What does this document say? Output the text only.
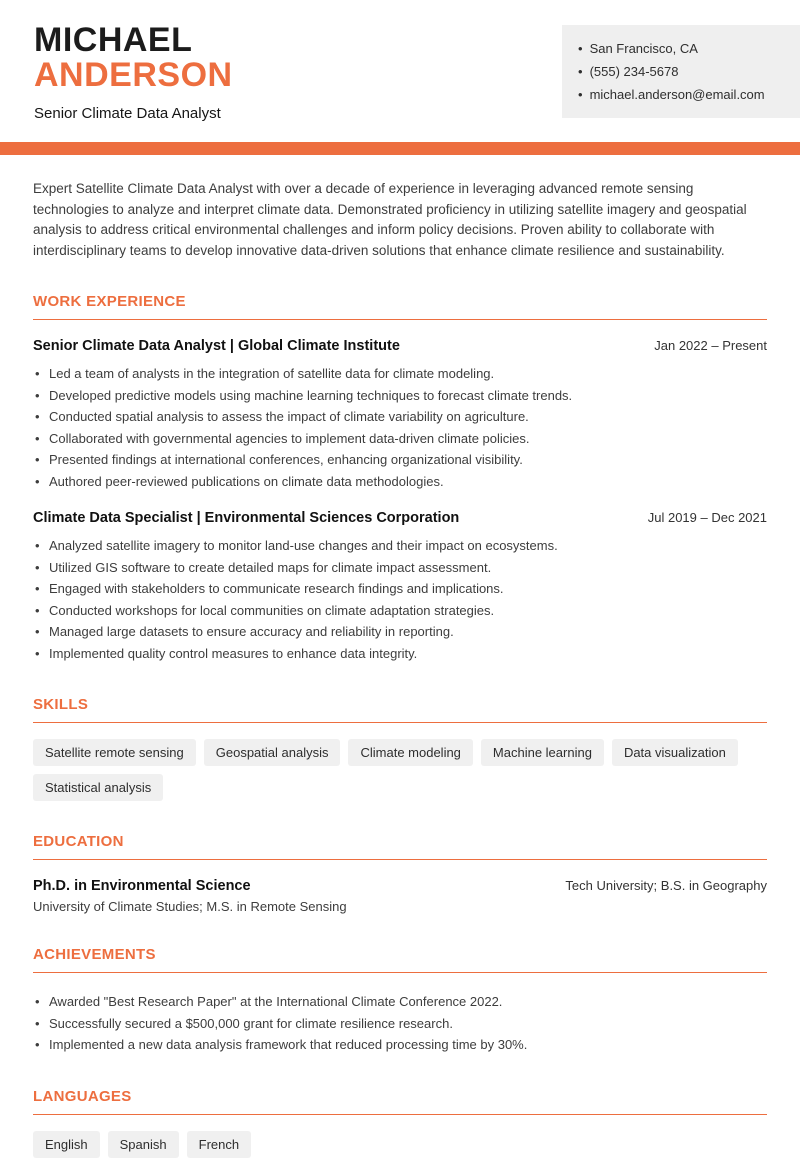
MICHAEL
ANDERSON
Senior Climate Data Analyst
• San Francisco, CA
• (555) 234-5678
• michael.anderson@email.com

Expert Satellite Climate Data Analyst with over a decade of experience in leveraging advanced remote sensing technologies to analyze and interpret climate data. Demonstrated proficiency in utilizing satellite imagery and geospatial analysis to address critical environmental challenges and inform policy decisions. Proven ability to collaborate with interdisciplinary teams to develop innovative data-driven solutions that enhance climate resilience and sustainability.

WORK EXPERIENCE
Senior Climate Data Analyst | Global Climate Institute	Jan 2022 – Present
• Led a team of analysts in the integration of satellite data for climate modeling.
• Developed predictive models using machine learning techniques to forecast climate trends.
• Conducted spatial analysis to assess the impact of climate variability on agriculture.
• Collaborated with governmental agencies to implement data-driven climate policies.
• Presented findings at international conferences, enhancing organizational visibility.
• Authored peer-reviewed publications on climate data methodologies.
Climate Data Specialist | Environmental Sciences Corporation	Jul 2019 – Dec 2021
• Analyzed satellite imagery to monitor land-use changes and their impact on ecosystems.
• Utilized GIS software to create detailed maps for climate impact assessment.
• Engaged with stakeholders to communicate research findings and implications.
• Conducted workshops for local communities on climate adaptation strategies.
• Managed large datasets to ensure accuracy and reliability in reporting.
• Implemented quality control measures to enhance data integrity.
SKILLS
Satellite remote sensing	Geospatial analysis	Climate modeling	Machine learning	Data visualization
Statistical analysis
EDUCATION
Ph.D. in Environmental Science	Tech University; B.S. in Geography
University of Climate Studies; M.S. in Remote Sensing
ACHIEVEMENTS
• Awarded "Best Research Paper" at the International Climate Conference 2022.
• Successfully secured a $500,000 grant for climate resilience research.
• Implemented a new data analysis framework that reduced processing time by 30%.
LANGUAGES
English	Spanish	French
